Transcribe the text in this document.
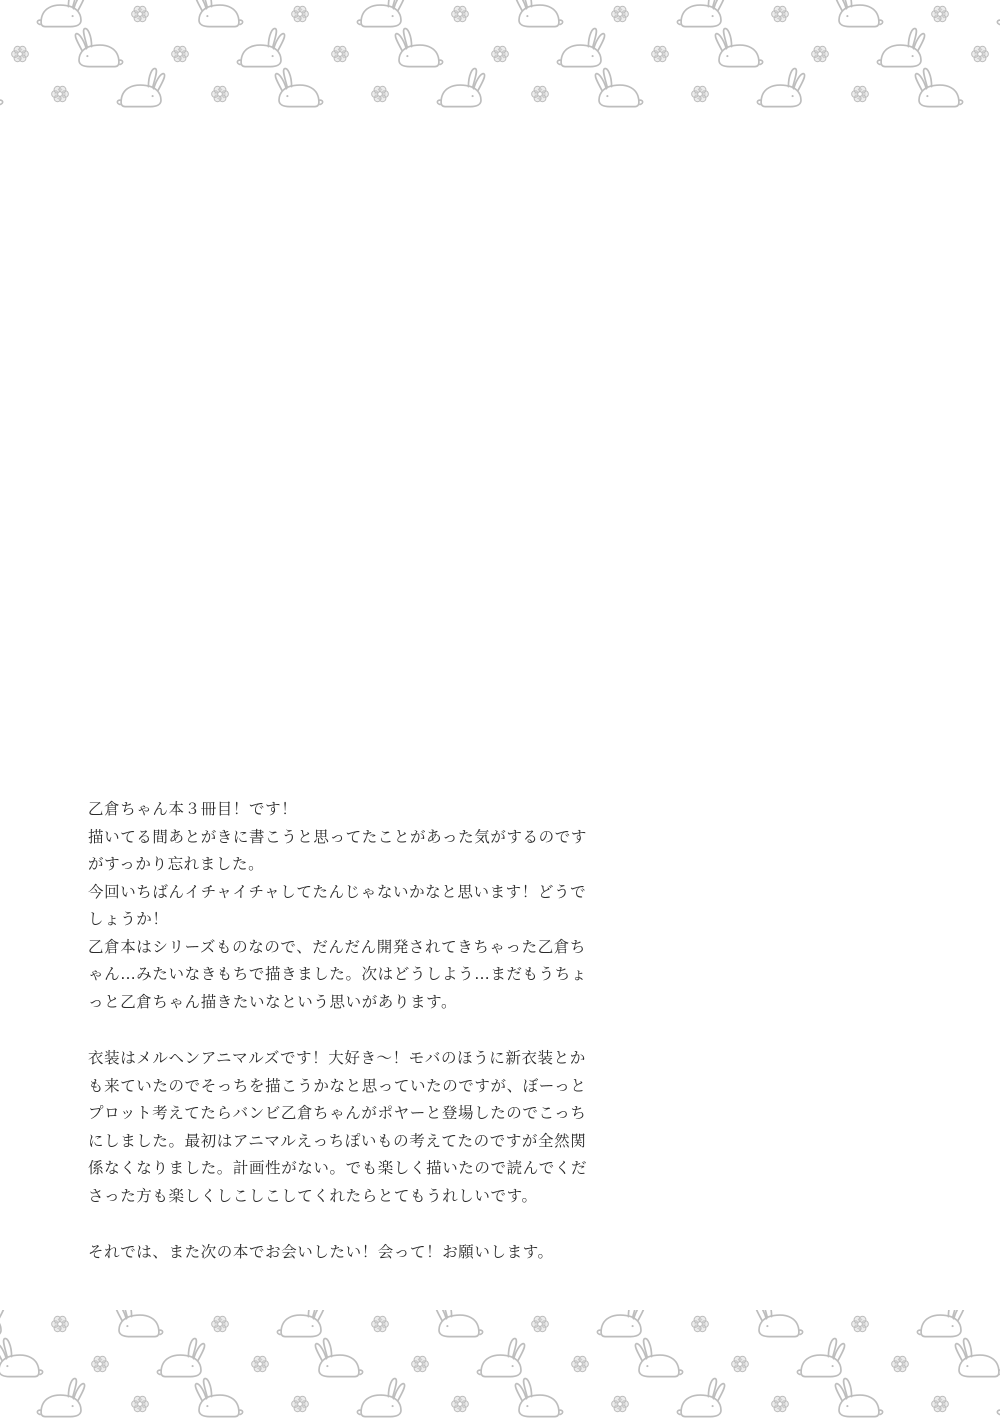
乙倉ちゃん本３冊目！です！
描いてる間あとがきに書こうと思ってたことがあった気がするのです
がすっかり忘れました。
今回いちばんイチャイチャしてたんじゃないかなと思います！どうで
しょうか！
乙倉本はシリーズものなので、だんだん開発されてきちゃった乙倉ち
ゃん…みたいなきもちで描きました。次はどうしよう…まだもうちょ
っと乙倉ちゃん描きたいなという思いがあります。
衣装はメルヘンアニマルズです！大好き〜！モバのほうに新衣装とか
も来ていたのでそっちを描こうかなと思っていたのですが、ぼーっと
プロット考えてたらバンビ乙倉ちゃんがポヤーと登場したのでこっち
にしました。最初はアニマルえっちぽいもの考えてたのですが全然関
係なくなりました。計画性がない。でも楽しく描いたので読んでくだ
さった方も楽しくしこしこしてくれたらとてもうれしいです。
それでは、また次の本でお会いしたい！会って！お願いします。
